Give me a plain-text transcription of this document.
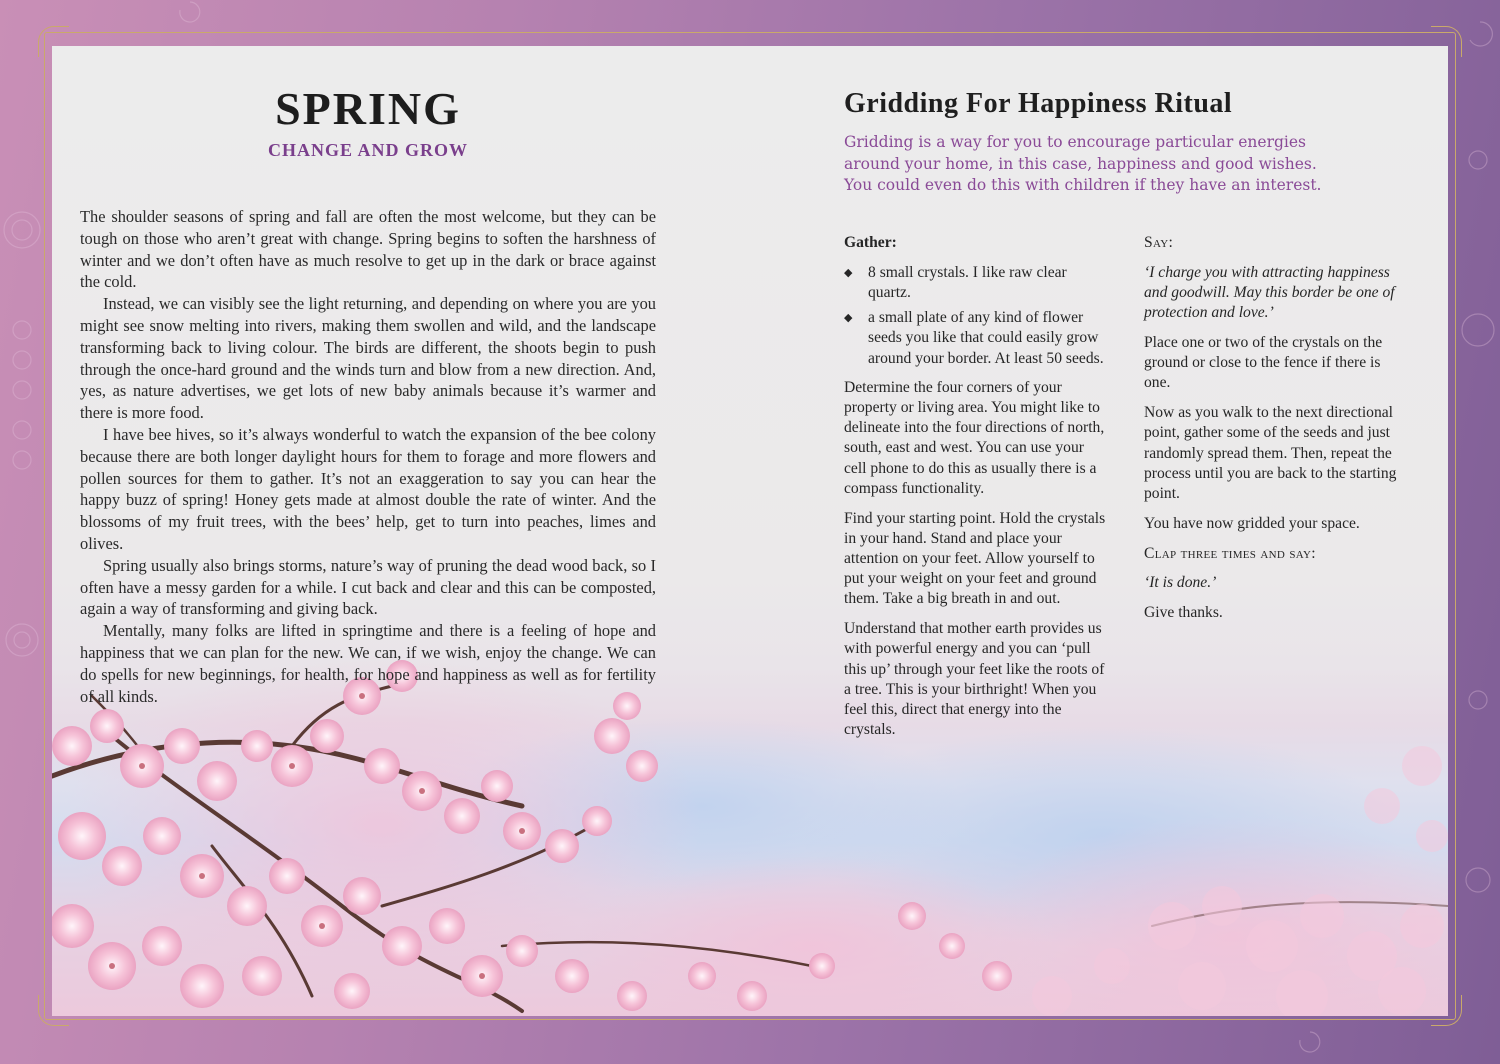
SPRING
CHANGE AND GROW

The shoulder seasons of spring and fall are often the most welcome, but they can be tough on those who aren’t great with change. Spring begins to soften the harshness of winter and we don’t often have as much resolve to get up in the dark or brace against the cold.

Instead, we can visibly see the light returning, and depending on where you are you might see snow melting into rivers, making them swollen and wild, and the landscape transforming back to living colour. The birds are different, the shoots begin to push through the once-hard ground and the winds turn and blow from a new direction. And, yes, as nature advertises, we get lots of new baby animals because it’s warmer and there is more food.

I have bee hives, so it’s always wonderful to watch the expansion of the bee colony because there are both longer daylight hours for them to forage and more flowers and pollen sources for them to gather. It’s not an exaggeration to say you can hear the happy buzz of spring! Honey gets made at almost double the rate of winter. And the blossoms of my fruit trees, with the bees’ help, get to turn into peaches, limes and olives.

Spring usually also brings storms, nature’s way of pruning the dead wood back, so I often have a messy garden for a while. I cut back and clear and this can be composted, again a way of transforming and giving back.

Mentally, many folks are lifted in springtime and there is a feeling of hope and happiness that we can plan for the new. We can, if we wish, enjoy the change. We can do spells for new beginnings, for health, for hope and happiness as well as for fertility of all kinds.

Gridding For Happiness Ritual

Gridding is a way for you to encourage particular energies around your home, in this case, happiness and good wishes. You could even do this with children if they have an interest.

Gather:

◆ 8 small crystals. I like raw clear quartz.
◆ a small plate of any kind of flower seeds you like that could easily grow around your border. At least 50 seeds.

Determine the four corners of your property or living area. You might like to delineate into the four directions of north, south, east and west. You can use your cell phone to do this as usually there is a compass functionality.

Find your starting point. Hold the crystals in your hand. Stand and place your attention on your feet. Allow yourself to put your weight on your feet and ground them. Take a big breath in and out.

Understand that mother earth provides us with powerful energy and you can ‘pull this up’ through your feet like the roots of a tree. This is your birthright! When you feel this, direct that energy into the crystals.

Say:

‘I charge you with attracting happiness and goodwill. May this border be one of protection and love.’

Place one or two of the crystals on the ground or close to the fence if there is one.

Now as you walk to the next directional point, gather some of the seeds and just randomly spread them. Then, repeat the process until you are back to the starting point.

You have now gridded your space.

Clap three times and say:

‘It is done.’

Give thanks.
